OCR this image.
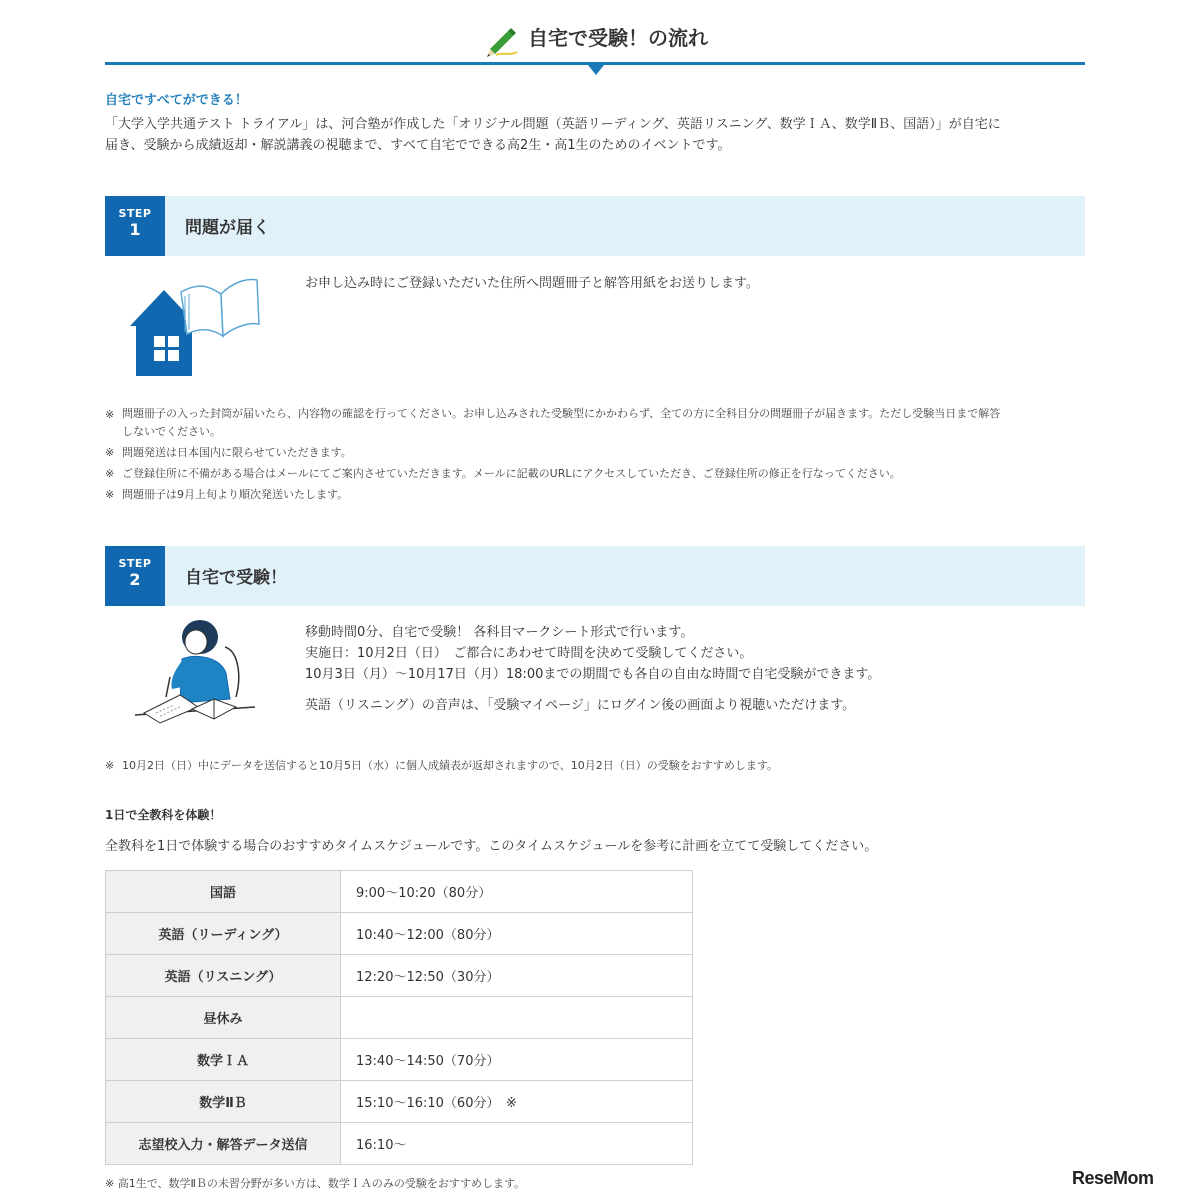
自宅で受験！の流れ
自宅ですべてができる！
「大学入学共通テスト トライアル」は、河合塾が作成した「オリジナル問題（英語リーディング、英語リスニング、数学ＩＡ、数学ⅡＢ、国語）」が自宅に
届き、受験から成績返却・解説講義の視聴まで、すべて自宅でできる高2生・高1生のためのイベントです。
STEP
1	問題が届く
お申し込み時にご登録いただいた住所へ問題冊子と解答用紙をお送りします。
※ 問題冊子の入った封筒が届いたら、内容物の確認を行ってください。お申し込みされた受験型にかかわらず、全ての方に全科目分の問題冊子が届きます。ただし受験当日まで解答
しないでください。
※ 問題発送は日本国内に限らせていただきます。
※ ご登録住所に不備がある場合はメールにてご案内させていただきます。メールに記載のURLにアクセスしていただき、ご登録住所の修正を行なってください。
※ 問題冊子は9月上旬より順次発送いたします。
STEP
2	自宅で受験！
移動時間0分、自宅で受験！ 各科目マークシート形式で行います。
実施日：10月2日（日）　ご都合にあわせて時間を決めて受験してください。
10月3日（月）～10月17日（月）18:00までの期間でも各自の自由な時間で自宅受験ができます。
英語（リスニング）の音声は、「受験マイページ」にログイン後の画面より視聴いただけます。
※ 10月2日（日）中にデータを送信すると10月5日（水）に個人成績表が返却されますので、10月2日（日）の受験をおすすめします。
1日で全教科を体験！
全教科を1日で体験する場合のおすすめタイムスケジュールです。このタイムスケジュールを参考に計画を立てて受験してください。
国語	9:00～10:20（80分）
英語（リーディング）	10:40～12:00（80分）
英語（リスニング）	12:20～12:50（30分）
昼休み	
数学ＩＡ	13:40～14:50（70分）
数学ⅡＢ	15:10～16:10（60分）　※
志望校入力・解答データ送信	16:10～
※ 高1生で、数学ⅡＢの未習分野が多い方は、数学ＩＡのみの受験をおすすめします。	ReseMom
